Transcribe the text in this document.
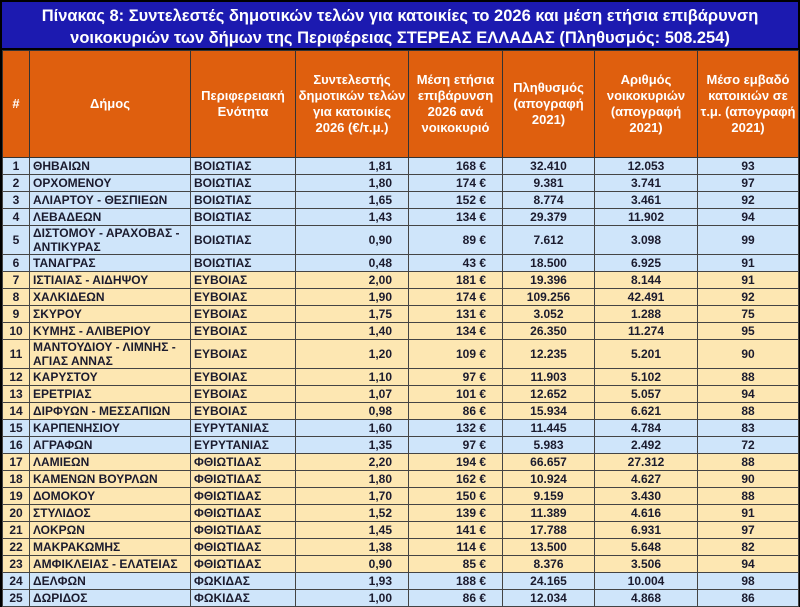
Πίνακας 8: Συντελεστές δημοτικών τελών για κατοικίες το 2026 και μέση ετήσια επιβάρυνση
νοικοκυριών των δήμων της Περιφέρειας ΣΤΕΡΕΑΣ ΕΛΛΑΔΑΣ (Πληθυσμός: 508.254)
#	Δήμος	Περιφερειακή Ενότητα	Συντελεστής δημοτικών τελών για κατοικίες 2026 (€/τ.μ.)	Μέση ετήσια επιβάρυνση 2026 ανά νοικοκυριό	Πληθυσμός (απογραφή 2021)	Αριθμός νοικοκυριών (απογραφή 2021)	Μέσο εμβαδό κατοικιών σε τ.μ. (απογραφή 2021)
1	ΘΗΒΑΙΩΝ	ΒΟΙΩΤΙΑΣ	1,81	168 €	32.410	12.053	93
2	ΟΡΧΟΜΕΝΟΥ	ΒΟΙΩΤΙΑΣ	1,80	174 €	9.381	3.741	97
3	ΑΛΙΑΡΤΟΥ - ΘΕΣΠΙΕΩΝ	ΒΟΙΩΤΙΑΣ	1,65	152 €	8.774	3.461	92
4	ΛΕΒΑΔΕΩΝ	ΒΟΙΩΤΙΑΣ	1,43	134 €	29.379	11.902	94
5	ΔΙΣΤΟΜΟΥ - ΑΡΑΧΟΒΑΣ - ΑΝΤΙΚΥΡΑΣ	ΒΟΙΩΤΙΑΣ	0,90	89 €	7.612	3.098	99
6	ΤΑΝΑΓΡΑΣ	ΒΟΙΩΤΙΑΣ	0,48	43 €	18.500	6.925	91
7	ΙΣΤΙΑΙΑΣ - ΑΙΔΗΨΟΥ	ΕΥΒΟΙΑΣ	2,00	181 €	19.396	8.144	91
8	ΧΑΛΚΙΔΕΩΝ	ΕΥΒΟΙΑΣ	1,90	174 €	109.256	42.491	92
9	ΣΚΥΡΟΥ	ΕΥΒΟΙΑΣ	1,75	131 €	3.052	1.288	75
10	ΚΥΜΗΣ - ΑΛΙΒΕΡΙΟΥ	ΕΥΒΟΙΑΣ	1,40	134 €	26.350	11.274	95
11	ΜΑΝΤΟΥΔΙΟΥ - ΛΙΜΝΗΣ - ΑΓΙΑΣ ΑΝΝΑΣ	ΕΥΒΟΙΑΣ	1,20	109 €	12.235	5.201	90
12	ΚΑΡΥΣΤΟΥ	ΕΥΒΟΙΑΣ	1,10	97 €	11.903	5.102	88
13	ΕΡΕΤΡΙΑΣ	ΕΥΒΟΙΑΣ	1,07	101 €	12.652	5.057	94
14	ΔΙΡΦΥΩΝ - ΜΕΣΣΑΠΙΩΝ	ΕΥΒΟΙΑΣ	0,98	86 €	15.934	6.621	88
15	ΚΑΡΠΕΝΗΣΙΟΥ	ΕΥΡΥΤΑΝΙΑΣ	1,60	132 €	11.445	4.784	83
16	ΑΓΡΑΦΩΝ	ΕΥΡΥΤΑΝΙΑΣ	1,35	97 €	5.983	2.492	72
17	ΛΑΜΙΕΩΝ	ΦΘΙΩΤΙΔΑΣ	2,20	194 €	66.657	27.312	88
18	ΚΑΜΕΝΩΝ ΒΟΥΡΛΩΝ	ΦΘΙΩΤΙΔΑΣ	1,80	162 €	10.924	4.627	90
19	ΔΟΜΟΚΟΥ	ΦΘΙΩΤΙΔΑΣ	1,70	150 €	9.159	3.430	88
20	ΣΤΥΛΙΔΟΣ	ΦΘΙΩΤΙΔΑΣ	1,52	139 €	11.389	4.616	91
21	ΛΟΚΡΩΝ	ΦΘΙΩΤΙΔΑΣ	1,45	141 €	17.788	6.931	97
22	ΜΑΚΡΑΚΩΜΗΣ	ΦΘΙΩΤΙΔΑΣ	1,38	114 €	13.500	5.648	82
23	ΑΜΦΙΚΛΕΙΑΣ - ΕΛΑΤΕΙΑΣ	ΦΘΙΩΤΙΔΑΣ	0,90	85 €	8.376	3.506	94
24	ΔΕΛΦΩΝ	ΦΩΚΙΔΑΣ	1,93	188 €	24.165	10.004	98
25	ΔΩΡΙΔΟΣ	ΦΩΚΙΔΑΣ	1,00	86 €	12.034	4.868	86
